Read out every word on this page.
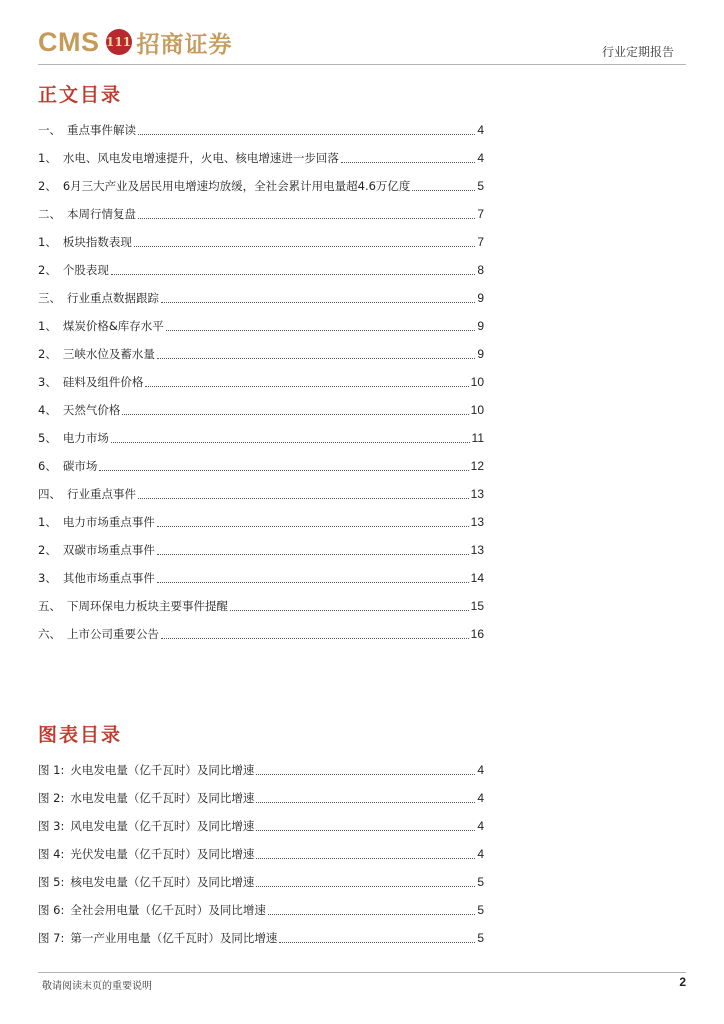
CMS 111 招商证券	行业定期报告
正文目录
一、 重点事件解读	4
1、 水电、风电发电增速提升，火电、核电增速进一步回落	4
2、 6月三大产业及居民用电增速均放缓，全社会累计用电量超4.6万亿度	5
二、 本周行情复盘	7
1、 板块指数表现	7
2、 个股表现	8
三、 行业重点数据跟踪	9
1、 煤炭价格&库存水平	9
2、 三峡水位及蓄水量	9
3、 硅料及组件价格	10
4、 天然气价格	10
5、 电力市场	11
6、 碳市场	12
四、 行业重点事件	13
1、 电力市场重点事件	13
2、 双碳市场重点事件	13
3、 其他市场重点事件	14
五、 下周环保电力板块主要事件提醒	15
六、 上市公司重要公告	16
图表目录
图 1: 火电发电量（亿千瓦时）及同比增速	4
图 2: 水电发电量（亿千瓦时）及同比增速	4
图 3: 风电发电量（亿千瓦时）及同比增速	4
图 4: 光伏发电量（亿千瓦时）及同比增速	4
图 5: 核电发电量（亿千瓦时）及同比增速	5
图 6: 全社会用电量（亿千瓦时）及同比增速	5
图 7: 第一产业用电量（亿千瓦时）及同比增速	5
敬请阅读末页的重要说明	2
